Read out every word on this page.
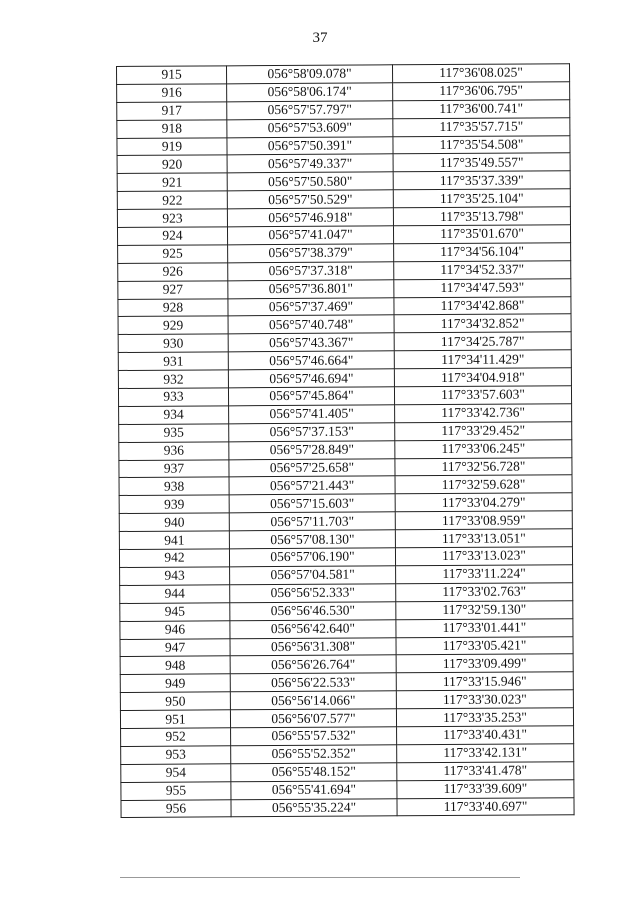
37
915	056°58'09.078"	117°36'08.025"
916	056°58'06.174"	117°36'06.795"
917	056°57'57.797"	117°36'00.741"
918	056°57'53.609"	117°35'57.715"
919	056°57'50.391"	117°35'54.508"
920	056°57'49.337"	117°35'49.557"
921	056°57'50.580"	117°35'37.339"
922	056°57'50.529"	117°35'25.104"
923	056°57'46.918"	117°35'13.798"
924	056°57'41.047"	117°35'01.670"
925	056°57'38.379"	117°34'56.104"
926	056°57'37.318"	117°34'52.337"
927	056°57'36.801"	117°34'47.593"
928	056°57'37.469"	117°34'42.868"
929	056°57'40.748"	117°34'32.852"
930	056°57'43.367"	117°34'25.787"
931	056°57'46.664"	117°34'11.429"
932	056°57'46.694"	117°34'04.918"
933	056°57'45.864"	117°33'57.603"
934	056°57'41.405"	117°33'42.736"
935	056°57'37.153"	117°33'29.452"
936	056°57'28.849"	117°33'06.245"
937	056°57'25.658"	117°32'56.728"
938	056°57'21.443"	117°32'59.628"
939	056°57'15.603"	117°33'04.279"
940	056°57'11.703"	117°33'08.959"
941	056°57'08.130"	117°33'13.051"
942	056°57'06.190"	117°33'13.023"
943	056°57'04.581"	117°33'11.224"
944	056°56'52.333"	117°33'02.763"
945	056°56'46.530"	117°32'59.130"
946	056°56'42.640"	117°33'01.441"
947	056°56'31.308"	117°33'05.421"
948	056°56'26.764"	117°33'09.499"
949	056°56'22.533"	117°33'15.946"
950	056°56'14.066"	117°33'30.023"
951	056°56'07.577"	117°33'35.253"
952	056°55'57.532"	117°33'40.431"
953	056°55'52.352"	117°33'42.131"
954	056°55'48.152"	117°33'41.478"
955	056°55'41.694"	117°33'39.609"
956	056°55'35.224"	117°33'40.697"
